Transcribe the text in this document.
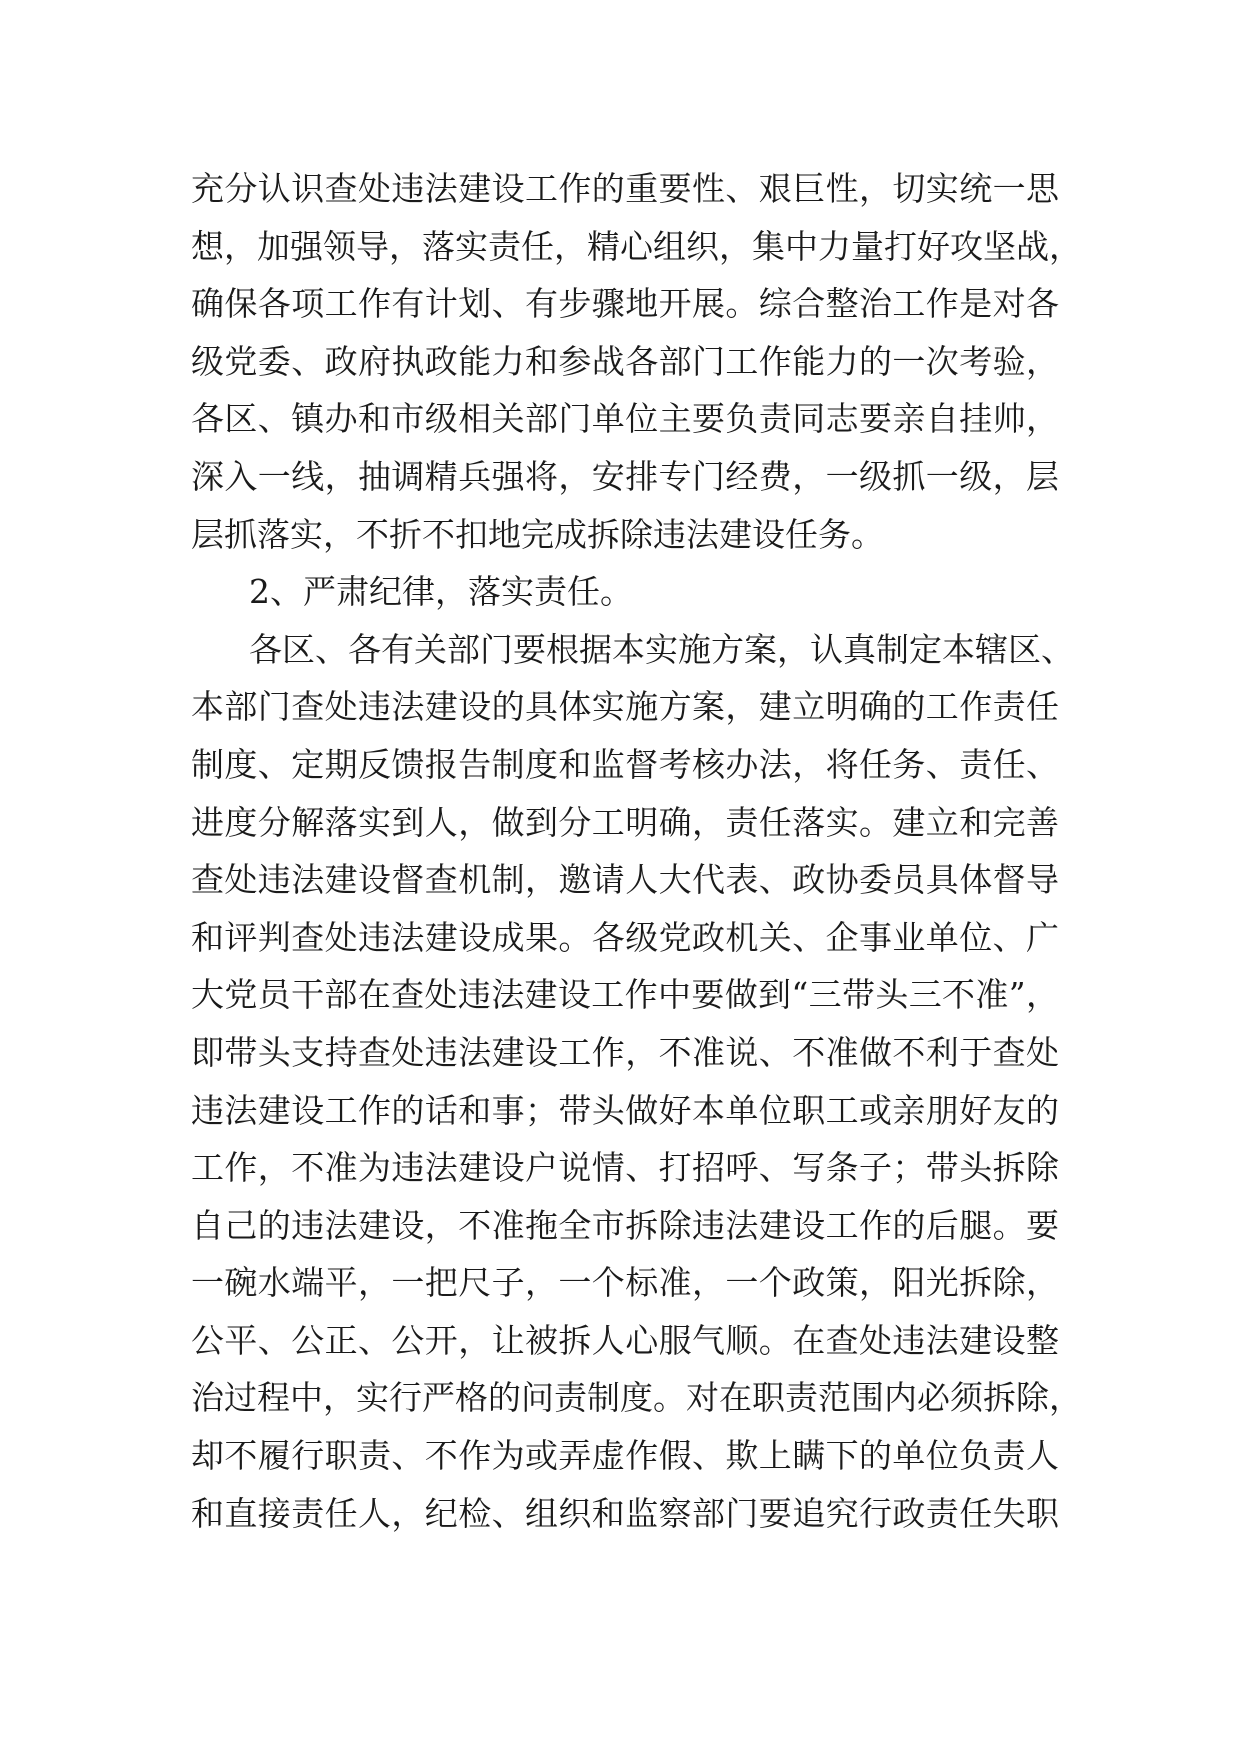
充分认识查处违法建设工作的重要性、艰巨性，切实统一思
想，加强领导，落实责任，精心组织，集中力量打好攻坚战，
确保各项工作有计划、有步骤地开展。综合整治工作是对各
级党委、政府执政能力和参战各部门工作能力的一次考验，
各区、镇办和市级相关部门单位主要负责同志要亲自挂帅，
深入一线，抽调精兵强将，安排专门经费，一级抓一级，层
层抓落实，不折不扣地完成拆除违法建设任务。
2、严肃纪律，落实责任。
各区、各有关部门要根据本实施方案，认真制定本辖区、
本部门查处违法建设的具体实施方案，建立明确的工作责任
制度、定期反馈报告制度和监督考核办法，将任务、责任、
进度分解落实到人，做到分工明确，责任落实。建立和完善
查处违法建设督查机制，邀请人大代表、政协委员具体督导
和评判查处违法建设成果。各级党政机关、企事业单位、广
大党员干部在查处违法建设工作中要做到“三带头三不准”，
即带头支持查处违法建设工作，不准说、不准做不利于查处
违法建设工作的话和事；带头做好本单位职工或亲朋好友的
工作，不准为违法建设户说情、打招呼、写条子；带头拆除
自己的违法建设，不准拖全市拆除违法建设工作的后腿。要
一碗水端平，一把尺子，一个标准，一个政策，阳光拆除，
公平、公正、公开，让被拆人心服气顺。在查处违法建设整
治过程中，实行严格的问责制度。对在职责范围内必须拆除，
却不履行职责、不作为或弄虚作假、欺上瞒下的单位负责人
和直接责任人，纪检、组织和监察部门要追究行政责任失职
